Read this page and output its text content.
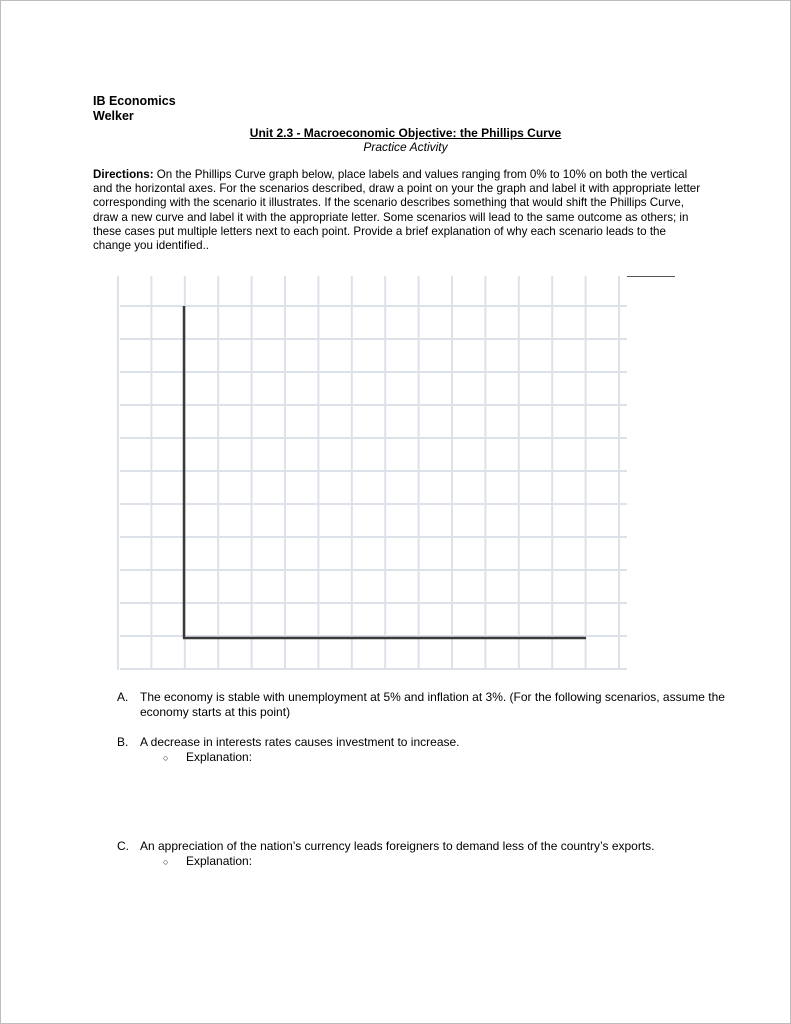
IB Economics
Welker
Unit 2.3 - Macroeconomic Objective: the Phillips Curve
Practice Activity
Directions: On the Phillips Curve graph below, place labels and values ranging from 0% to 10% on both the vertical and the horizontal axes. For the scenarios described, draw a point on your the graph and label it with appropriate letter corresponding with the scenario it illustrates. If the scenario describes something that would shift the Phillips Curve, draw a new curve and label it with the appropriate letter. Some scenarios will lead to the same outcome as others; in these cases put multiple letters next to each point. Provide a brief explanation of why each scenario leads to the change you identified..
A. The economy is stable with unemployment at 5% and inflation at 3%. (For the following scenarios, assume the economy starts at this point)
B. A decrease in interests rates causes investment to increase.
○ Explanation:
C. An appreciation of the nation’s currency leads foreigners to demand less of the country’s exports.
○ Explanation:
